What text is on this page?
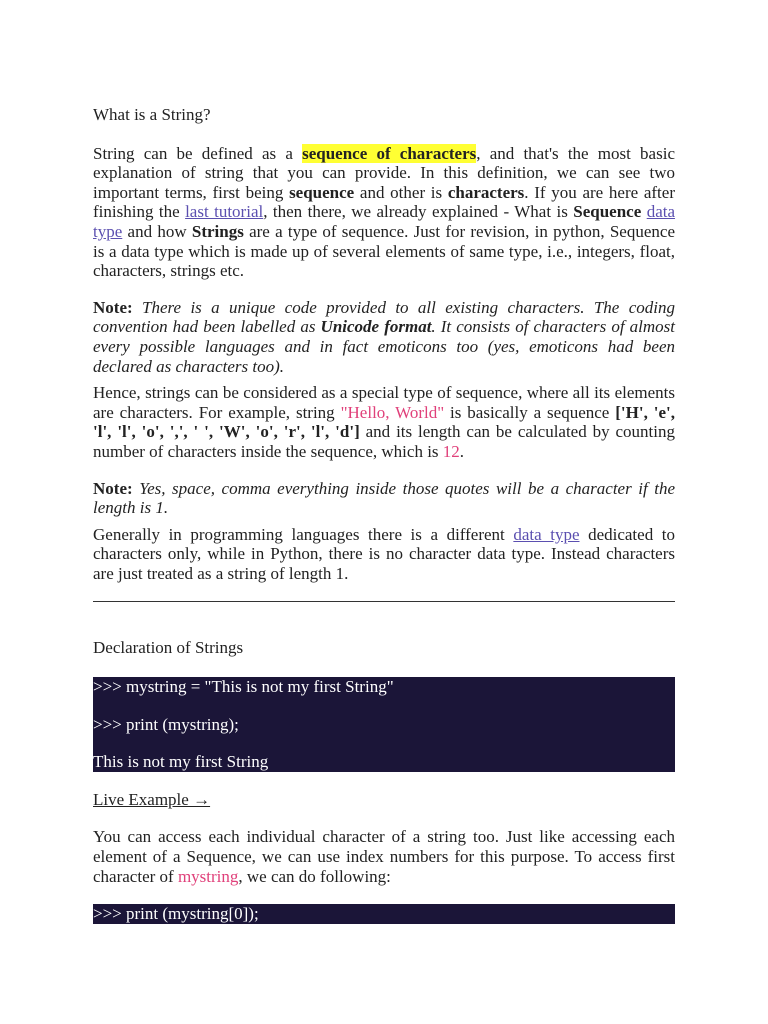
What is a String?

String can be defined as a sequence of characters, and that's the most basic explanation of string that you can provide. In this definition, we can see two important terms, first being sequence and other is characters. If you are here after finishing the last tutorial, then there, we already explained - What is Sequence data type and how Strings are a type of sequence. Just for revision, in python, Sequence is a data type which is made up of several elements of same type, i.e., integers, float, characters, strings etc.

Note: There is a unique code provided to all existing characters. The coding convention had been labelled as Unicode format. It consists of characters of almost every possible languages and in fact emoticons too (yes, emoticons had been declared as characters too).

Hence, strings can be considered as a special type of sequence, where all its elements are characters. For example, string "Hello, World" is basically a sequence ['H', 'e', 'l', 'l', 'o', ',', ' ', 'W', 'o', 'r', 'l', 'd'] and its length can be calculated by counting number of characters inside the sequence, which is 12.

Note: Yes, space, comma everything inside those quotes will be a character if the length is 1.

Generally in programming languages there is a different data type dedicated to characters only, while in Python, there is no character data type. Instead characters are just treated as a string of length 1.

Declaration of Strings
>>> mystring = "This is not my first String"
>>> print (mystring);
This is not my first String
Live Example →

You can access each individual character of a string too. Just like accessing each element of a Sequence, we can use index numbers for this purpose. To access first character of mystring, we can do following:

>>> print (mystring[0]);
